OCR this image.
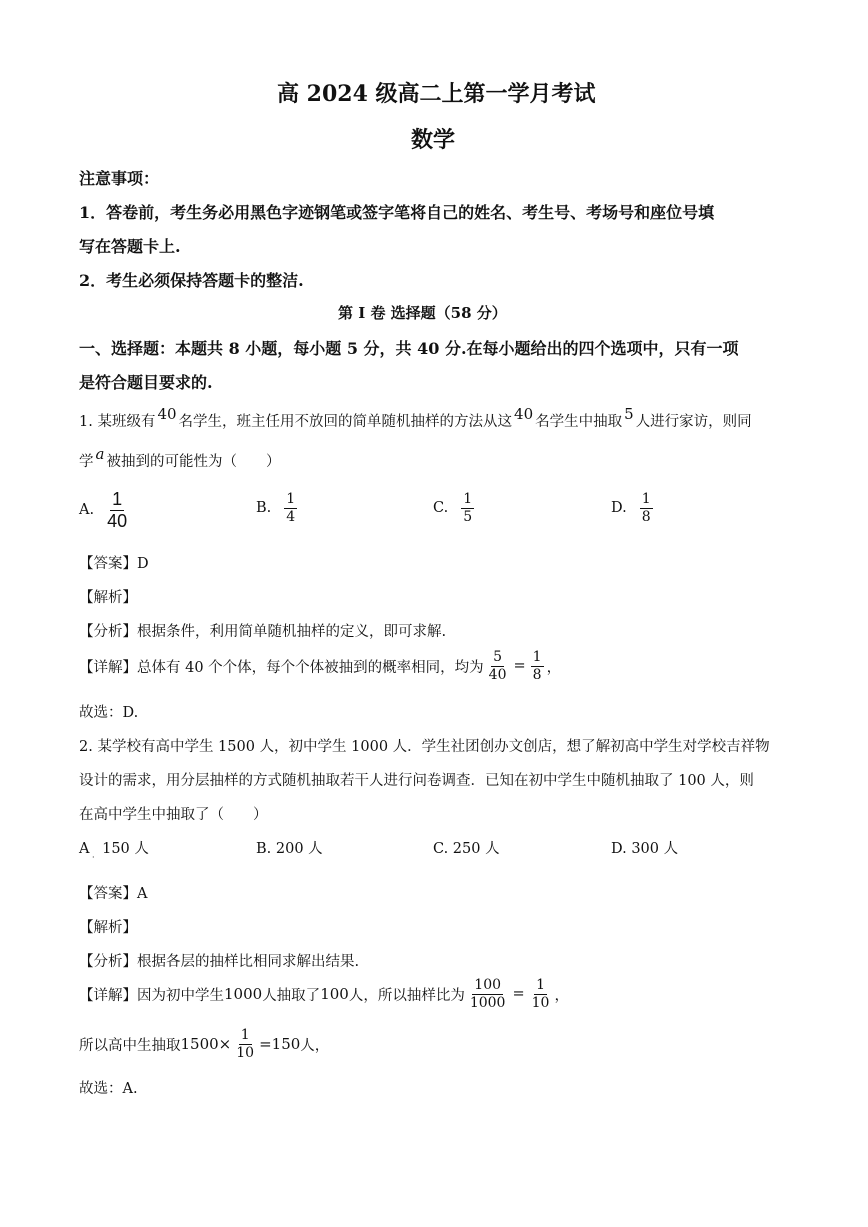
高 2024 级高二上第一学月考试
数学
注意事项：
1．答卷前，考生务必用黑色字迹钢笔或签字笔将自己的姓名、考生号、考场号和座位号填
写在答题卡上.
2．考生必须保持答题卡的整洁.
第 I 卷 选择题（58 分）
一、选择题：本题共 8 小题，每小题 5 分，共 40 分.在每小题给出的四个选项中，只有一项
是符合题目要求的.
1. 某班级有 40 名学生，班主任用不放回的简单随机抽样的方法从这 40 名学生中抽取 5 人进行家访，则同
学 a 被抽到的可能性为（　　）
A. $\frac{1}{40}$	B. $\frac{1}{4}$	C. $\frac{1}{5}$	D. $\frac{1}{8}$
【答案】D
【解析】
【分析】根据条件，利用简单随机抽样的定义，即可求解.
【详解】总体有 40 个个体，每个个体被抽到的概率相同，均为 $\frac{5}{40} = \frac{1}{8}$ ，
故选：D.
2. 某学校有高中学生 1500 人，初中学生 1000 人．学生社团创办文创店，想了解初高中学生对学校吉祥物
设计的需求，用分层抽样的方式随机抽取若干人进行问卷调查．已知在初中学生中随机抽取了 100 人，则
在高中学生中抽取了（　　）
A 150 人
·
B. 200 人	C. 250 人	D. 300 人
【答案】A
【解析】
【分析】根据各层的抽样比相同求解出结果.
【详解】因为初中学生 1000 人抽取了 100 人，所以抽样比为 $\frac{100}{1000} = \frac{1}{10}$ ，
所以高中生抽取 $1500\times \frac{1}{10} =150$ 人，
故选：A.
